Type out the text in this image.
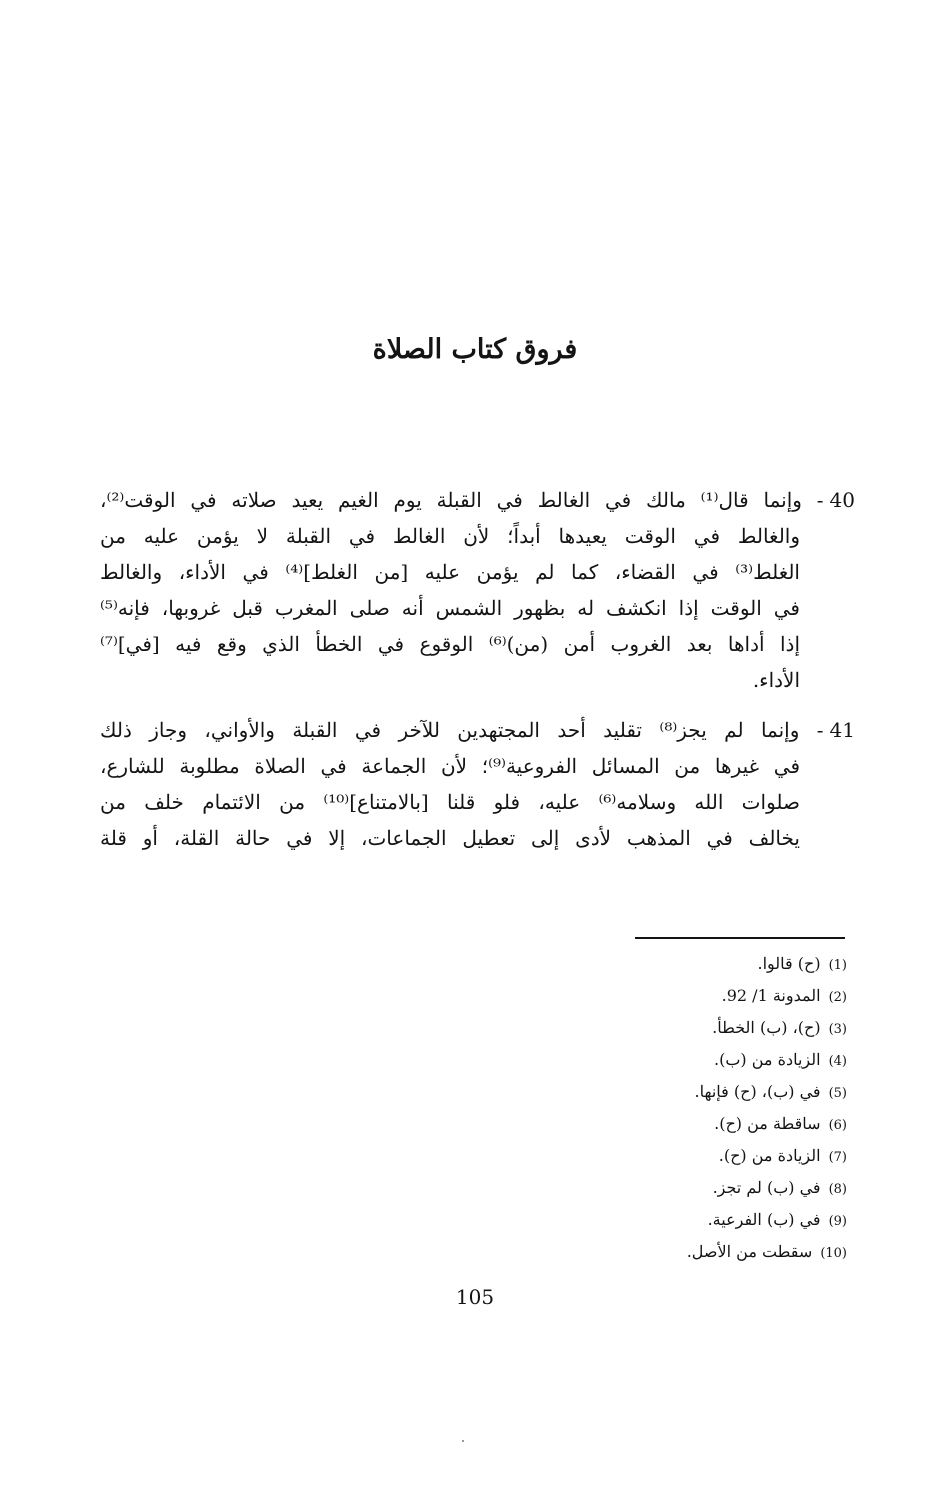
فروق كتاب الصلاة
40- وإنما قال⁽¹⁾ مالك في الغالط في القبلة يوم الغيم يعيد صلاته في الوقت⁽²⁾،
والغالط في الوقت يعيدها أبداً؛ لأن الغالط في القبلة لا يؤمن عليه من
الغلط⁽³⁾ في القضاء، كما لم يؤمن عليه [من الغلط]⁽⁴⁾ في الأداء، والغالط
في الوقت إذا انكشف له بظهور الشمس أنه صلى المغرب قبل غروبها، فإنه⁽⁵⁾
إذا أداها بعد الغروب أمن (من)⁽⁶⁾ الوقوع في الخطأ الذي وقع فيه [في]⁽⁷⁾
الأداء.
41- وإنما لم يجز⁽⁸⁾ تقليد أحد المجتهدين للآخر في القبلة والأواني، وجاز ذلك
في غيرها من المسائل الفروعية⁽⁹⁾؛ لأن الجماعة في الصلاة مطلوبة للشارع،
صلوات الله وسلامه⁽⁶⁾ عليه، فلو قلنا [بالامتناع]⁽¹⁰⁾ من الائتمام خلف من
يخالف في المذهب لأدى إلى تعطيل الجماعات، إلا في حالة القلة، أو قلة
(1)(ح) قالوا.
(2)المدونة 1/ 92.
(3)(ح)، (ب) الخطأ.
(4)الزيادة من (ب).
(5)في (ب)، (ح) فإنها.
(6)ساقطة من (ح).
(7)الزيادة من (ح).
(8)في (ب) لم تجز.
(9)في (ب) الفرعية.
(10)سقطت من الأصل.
105
